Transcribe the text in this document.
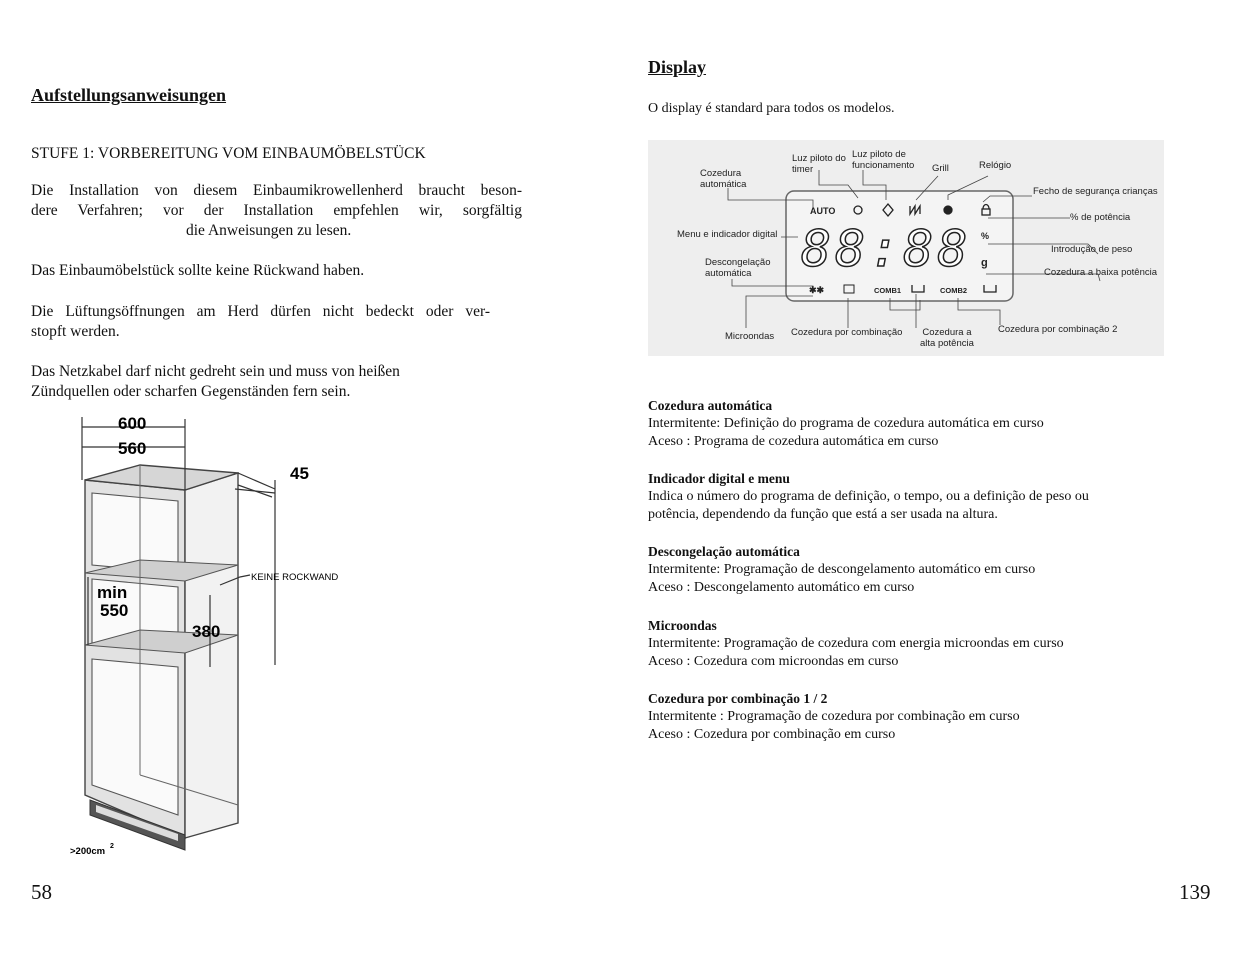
Aufstellungsanweisungen
STUFE 1: VORBEREITUNG VOM EINBAUMÖBELSTÜCK
Die Installation von diesem Einbaumikrowellenherd braucht beson-
dere Verfahren; vor der Installation empfehlen wir, sorgfältig
die Anweisungen zu lesen.
Das Einbaumöbelstück sollte keine Rückwand haben.
Die Lüftungsöffnungen am Herd dürfen nicht bedeckt oder ver-
stopft werden.
Das Netzkabel darf nicht gedreht sein und muss von heißen
Zündquellen oder scharfen Gegenständen fern sein.
600
560
45
min
550
380
KEINE ROCKWAND
>200cm 2
58
Display
O display é standard para todos os modelos.
AUTO
88:88 %
g
✱✱	COMB1	COMB2
Cozedura
automática
Luz piloto do
timer
Luz piloto de
funcionamento Grill	Relógio
Fecho de segurança crianças
% de potência
Menu e indicador digital
Introdução de peso
Descongelação
automática	Cozedura a baixa potência
Microondas Cozedura por combinação Cozedura a
alta potência
Cozedura por combinação 2
Cozedura automática
Intermitente: Definição do programa de cozedura automática em curso
Aceso : Programa de cozedura automática em curso
Indicador digital e menu
Indica o número do programa de definição, o tempo, ou a definição de peso ou
potência, dependendo da função que está a ser usada na altura.
Descongelação automática
Intermitente: Programação de descongelamento automático em curso
Aceso : Descongelamento automático em curso
Microondas
Intermitente: Programação de cozedura com energia microondas em curso
Aceso : Cozedura com microondas em curso
Cozedura por combinação 1 / 2
Intermitente : Programação de cozedura por combinação em curso
Aceso : Cozedura por combinação em curso
139
